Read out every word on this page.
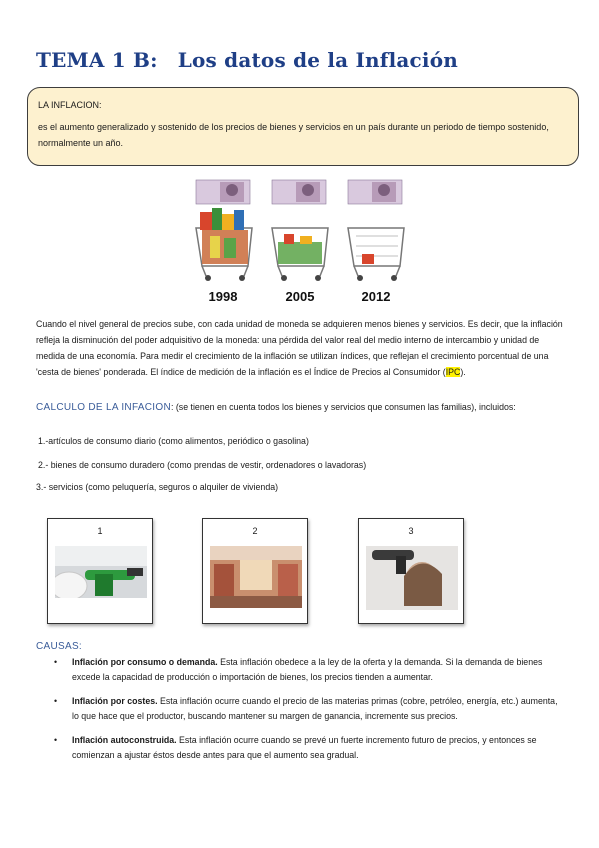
TEMA 1 B: Los datos de la Inflación
LA INFLACION:
es el aumento generalizado y sostenido de los precios de bienes y servicios en un país durante un periodo de tiempo sostenido, normalmente un año.
1998	2005	2012

Cuando el nivel general de precios sube, con cada unidad de moneda se adquieren menos bienes y servicios. Es decir, que la inflación refleja la disminución del poder adquisitivo de la moneda: una pérdida del valor real del medio interno de intercambio y unidad de medida de una economía. Para medir el crecimiento de la inflación se utilizan índices, que reflejan el crecimiento porcentual de una 'cesta de bienes' ponderada. El índice de medición de la inflación es el Índice de Precios al Consumidor (IPC).

CALCULO DE LA INFACION: (se tienen en cuenta todos los bienes y servicios que consumen las familias), incluidos:
1.-artículos de consumo diario (como alimentos, periódico o gasolina)
2.- bienes de consumo duradero (como prendas de vestir, ordenadores o lavadoras)
3.- servicios (como peluquería, seguros o alquiler de vivienda)
1	2	3
CAUSAS:
• Inflación por consumo o demanda. Esta inflación obedece a la ley de la oferta y la demanda. Si la demanda de bienes excede la capacidad de producción o importación de bienes, los precios tienden a aumentar.
• Inflación por costes. Esta inflación ocurre cuando el precio de las materias primas (cobre, petróleo, energía, etc.) aumenta, lo que hace que el productor, buscando mantener su margen de ganancia, incremente sus precios.
• Inflación autoconstruida. Esta inflación ocurre cuando se prevé un fuerte incremento futuro de precios, y entonces se comienzan a ajustar éstos desde antes para que el aumento sea gradual.
